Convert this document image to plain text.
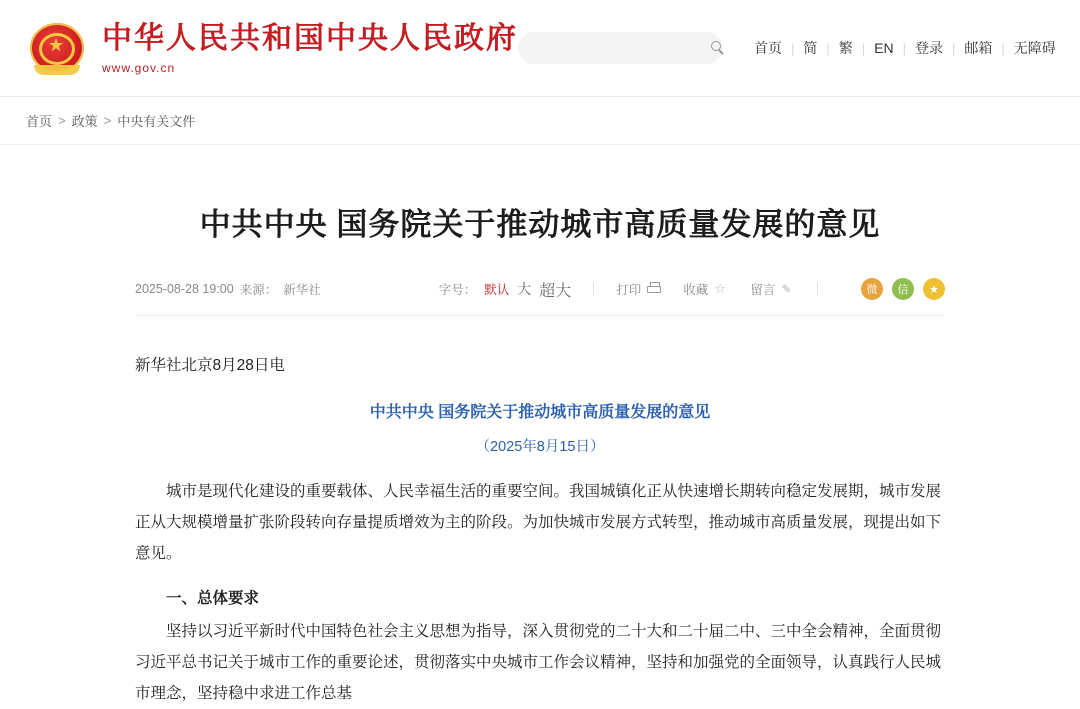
★ 中华人民共和国中央人民政府
www.gov.cn
首页 | 简 | 繁 | EN | 登录 | 邮箱 | 无障碍
首页 > 政策 > 中央有关文件
中共中央 国务院关于推动城市高质量发展的意见
2025-08-28 19:00 来源： 新华社	字号： 默认 大 超大	打印	收藏 ☆ 留言 ✎	微	信	★
新华社北京8月28日电
中共中央 国务院关于推动城市高质量发展的意见
（2025年8月15日）

城市是现代化建设的重要载体、人民幸福生活的重要空间。我国城镇化正从快速增长期转向稳定发展期，城市发展正从大规模增量扩张阶段转向存量提质增效为主的阶段。为加快城市发展方式转型，推动城市高质量发展，现提出如下意见。

一、总体要求

坚持以习近平新时代中国特色社会主义思想为指导，深入贯彻党的二十大和二十届二中、三中全会精神，全面贯彻习近平总书记关于城市工作的重要论述，贯彻落实中央城市工作会议精神，坚持和加强党的全面领导，认真践行人民城市理念，坚持稳中求进工作总基
